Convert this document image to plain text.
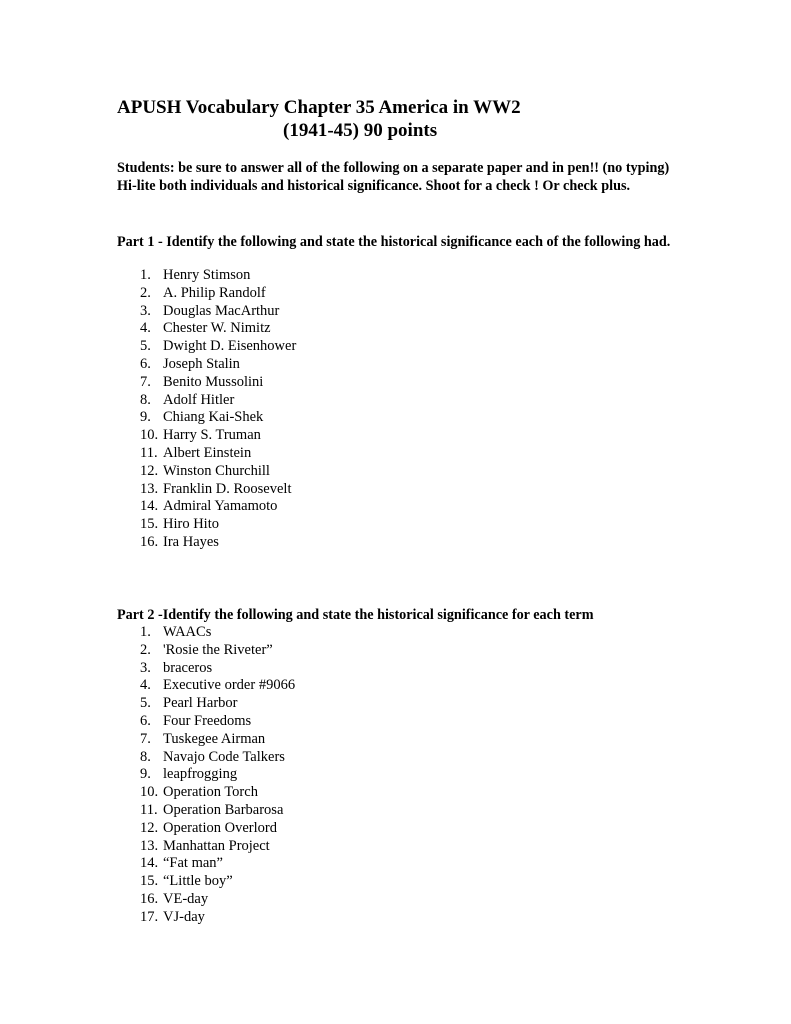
APUSH Vocabulary Chapter 35 America in WW2
(1941-45) 90 points
Students: be sure to answer all of the following on a separate paper and in pen!! (no typing) Hi-lite both individuals and historical significance. Shoot for a check ! Or check plus.
Part 1 - Identify the following and state the historical significance each of the following had.
1. Henry Stimson
2. A. Philip Randolf
3. Douglas MacArthur
4. Chester W. Nimitz
5. Dwight D. Eisenhower
6. Joseph Stalin
7. Benito Mussolini
8. Adolf Hitler
9. Chiang Kai-Shek
10. Harry S. Truman
11. Albert Einstein
12. Winston Churchill
13. Franklin D. Roosevelt
14. Admiral Yamamoto
15. Hiro Hito
16. Ira Hayes
Part 2 -Identify the following and state the historical significance for each term
1. WAACs
2. 'Rosie the Riveter”
3. braceros
4. Executive order #9066
5. Pearl Harbor
6. Four Freedoms
7. Tuskegee Airman
8. Navajo Code Talkers
9. leapfrogging
10. Operation Torch
11. Operation Barbarosa
12. Operation Overlord
13. Manhattan Project
14. “Fat man”
15. “Little boy”
16. VE-day
17. VJ-day
